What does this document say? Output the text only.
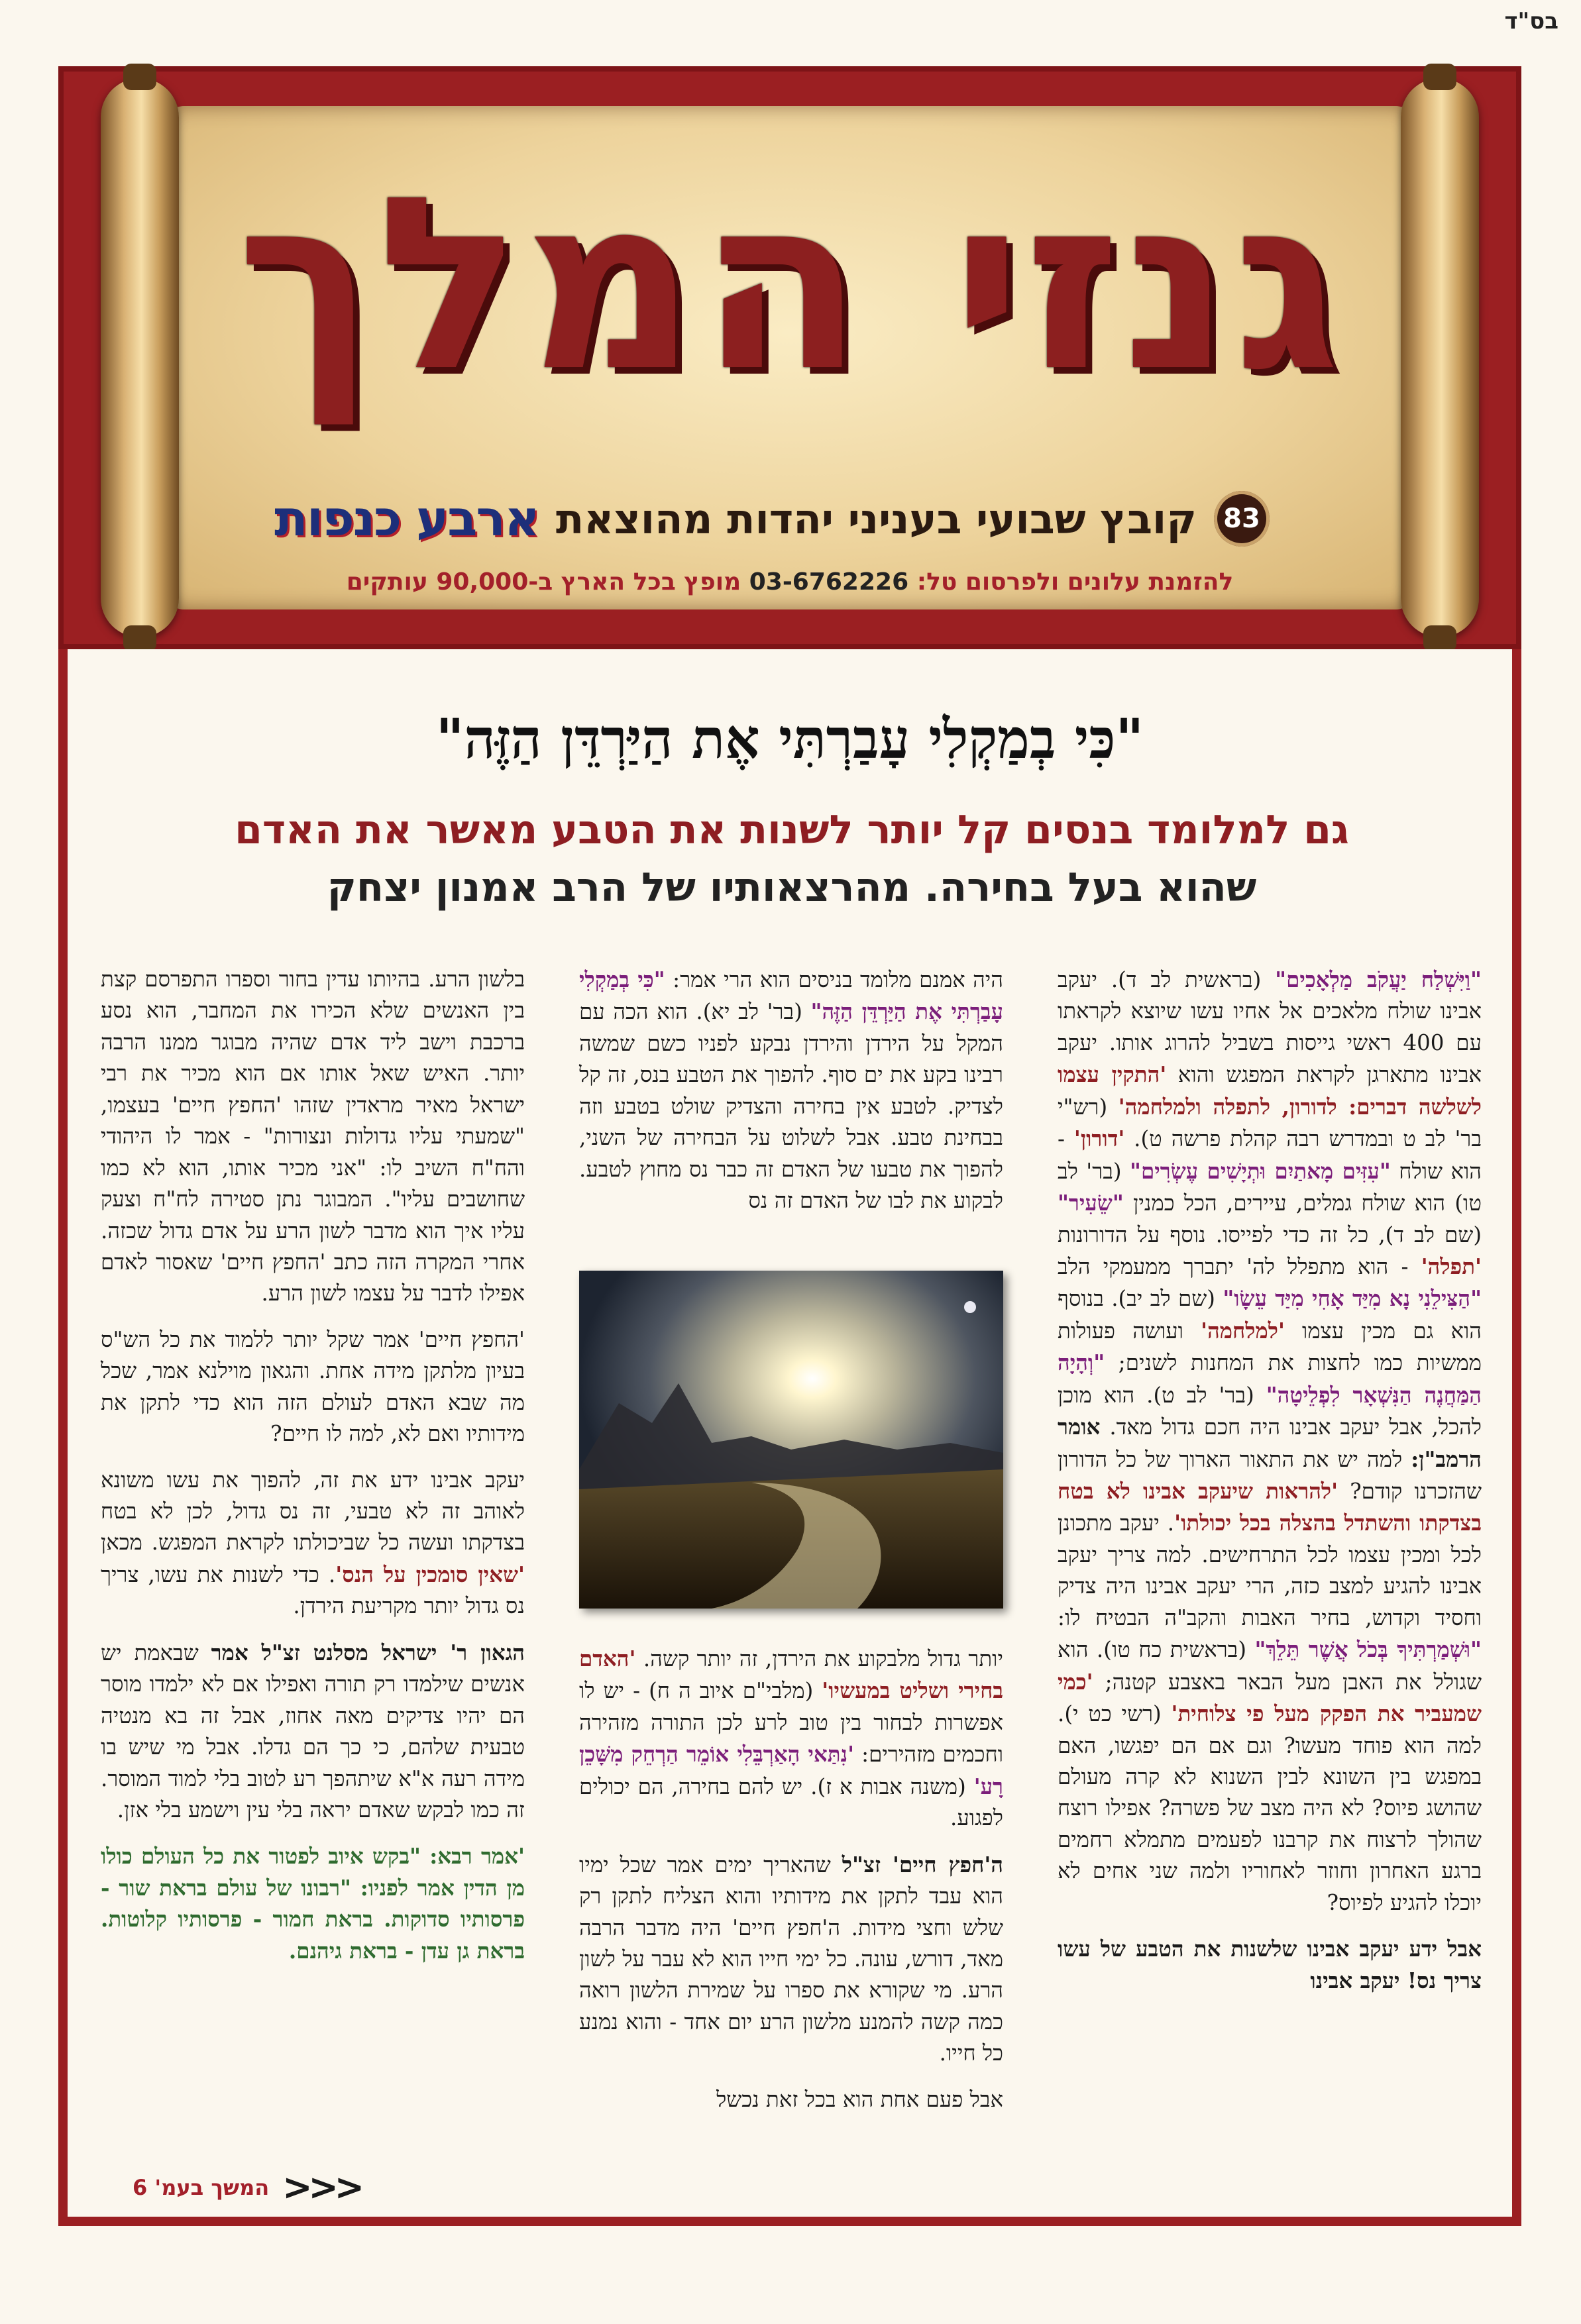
בס"ד
גנזי המלך
83
קובץ שבועי בעניני יהדות מהוצאת
ארבע כנפות
להזמנת עלונים ולפרסום טל: 03-6762226 מופץ בכל הארץ ב-90,000 עותקים
"כִּי בְמַקְלִי עָבַרְתִּי אֶת הַיַּרְדֵּן הַזֶּה"
גם למלומד בנסים קל יותר לשנות את הטבע מאשר את האדם
שהוא בעל בחירה. מהרצאותיו של הרב אמנון יצחק

"וַיִּשְׁלַח יַעֲקֹב מַלְאָכִים" (בראשית לב ד). יעקב אבינו שולח מלאכים אל אחיו עשו שיוצא לקראתו עם 400 ראשי גייסות בשביל להרוג אותו. יעקב אבינו מתארגן לקראת המפגש והוא 'התקין עצמו לשלשה דברים: לדורון, לתפלה ולמלחמה' (רש"י בר' לב ט ובמדרש רבה קהלת פרשה ט). 'דורון' - הוא שולח "עִזִּים מָאתַיִם וּתְיָשִׁים עֶשְׂרִים" (בר' לב טו) הוא שולח גמלים, עיירים, הכל כמנין "שֵׂעִיר" (שם לב ד), כל זה כדי לפייסו. נוסף על הדורונות 'תפלה' - הוא מתפלל לה' יתברך ממעמקי הלב "הַצִּילֵנִי נָא מִיַּד אָחִי מִיַּד עֵשָׂו" (שם לב יב). בנוסף הוא גם מכין עצמו 'למלחמה' ועושה פעולות ממשיות כמו לחצות את המחנות לשנים; "וְהָיָה הַמַּחֲנֶה הַנִּשְׁאָר לִפְלֵיטָה" (בר' לב ט). הוא מוכן להכל, אבל יעקב אבינו היה חכם גדול מאד. אומר הרמב"ן: למה יש את התאור הארוך של כל הדורון שהזכרנו קודם? 'להראות שיעקב אבינו לא בטח בצדקתו והשתדל בהצלה בכל יכולתו'. יעקב מתכונן לכל ומכין עצמו לכל התרחישים. למה צריך יעקב אבינו להגיע למצב כזה, הרי יעקב אבינו היה צדיק וחסיד וקדוש, בחיר האבות והקב"ה הבטיח לו: "וּשְׁמַרְתִּיךָ בְּכֹל אֲשֶׁר תֵּלֵךְ" (בראשית כח טו). הוא שגולל את האבן מעל הבאר באצבע קטנה; 'כמי שמעביר את הפקק מעל פי צלוחית' (רשי כט י). למה הוא פוחד מעשו? וגם אם הם יפגשו, האם במפגש בין השונא לבין השנוא לא קרה מעולם שהושג פיוס? לא היה מצב של פשרה? אפילו רוצח שהולך לרצוח את קרבנו לפעמים מתמלא רחמים ברגע האחרון וחוזר לאחוריו ולמה שני אחים לא יוכלו להגיע לפיוס?

אבל ידע יעקב אבינו שלשנות את הטבע של עשו צריך נס! יעקב אבינו

היה אמנם מלומד בניסים הוא הרי אמר: "כִּי בְמַקְלִי עָבַרְתִּי אֶת הַיַּרְדֵּן הַזֶּה" (בר' לב יא). הוא הכה עם המקל על הירדן והירדן נבקע לפניו כשם שמשה רבינו בקע את ים סוף. להפוך את הטבע בנס, זה קל לצדיק. לטבע אין בחירה והצדיק שולט בטבע וזה בבחינת טבע. אבל לשלוט על הבחירה של השני, להפוך את טבעו של האדם זה כבר נס מחוץ לטבע. לבקוע את לבו של האדם זה נס

יותר גדול מלבקוע את הירדן, זה יותר קשה. 'האדם בחירי ושליט במעשיו' (מלבי"ם איוב ה ח) - יש לו אפשרות לבחור בין טוב לרע לכן התורה מזהירה וחכמים מזהירים: 'נִתַּאי הָאַרְבֵּלִי אוֹמֵר הַרְחֵק מִשָּׁכֵן רָע' (משנה אבות א ז). יש להם בחירה, הם יכולים לפגוע.

ה'חפץ חיים' זצ"ל שהאריך ימים אמר שכל ימיו הוא עבד לתקן את מידותיו והוא הצליח לתקן רק שלש וחצי מידות. ה'חפץ חיים' היה מדבר הרבה מאד, דורש, עונה. כל ימי חייו הוא לא עבר על לשון הרע. מי שקורא את ספרו על שמירת הלשון רואה כמה קשה להמנע מלשון הרע יום אחד - והוא נמנע כל חייו.

אבל פעם אחת הוא בכל זאת נכשל

בלשון הרע. בהיותו עדין בחור וספרו התפרסם קצת בין האנשים שלא הכירו את המחבר, הוא נסע ברכבת וישב ליד אדם שהיה מבוגר ממנו הרבה יותר. האיש שאל אותו אם הוא מכיר את רבי ישראל מאיר מראדין שזהו 'החפץ חיים' בעצמו, "שמעתי עליו גדולות ונצורות" - אמר לו היהודי והח"ח השיב לו: "אני מכיר אותו, הוא לא כמו שחושבים עליו". המבוגר נתן סטירה לח"ח וצעק עליו איך הוא מדבר לשון הרע על אדם גדול שכזה. אחרי המקרה הזה כתב 'החפץ חיים' שאסור לאדם אפילו לדבר על עצמו לשון הרע.

'החפץ חיים' אמר שקל יותר ללמוד את כל הש"ס בעיון מלתקן מידה אחת. והגאון מוילנא אמר, שכל מה שבא האדם לעולם הזה הוא כדי לתקן את מידותיו ואם לא, למה לו חיים?

יעקב אבינו ידע את זה, להפוך את עשו משונא לאוהב זה לא טבעי, זה נס גדול, לכן לא בטח בצדקתו ועשה כל שביכולתו לקראת המפגש. מכאן 'שאין סומכין על הנס'. כדי לשנות את עשו, צריך נס גדול יותר מקריעת הירדן.

הגאון ר' ישראל מסלנט זצ"ל אמר שבאמת יש אנשים שילמדו רק תורה ואפילו אם לא ילמדו מוסר הם יהיו צדיקים מאה אחוז, אבל זה בא מנטיה טבעית שלהם, כי כך הם גדלו. אבל מי שיש בו מידה רעה א"א שיתהפך רע לטוב בלי למוד המוסר. זה כמו לבקש שאדם יראה בלי עין וישמע בלי אזן.

'אמר רבא: "בקש איוב לפטור את כל העולם כולו מן הדין אמר לפניו: "רבונו של עולם בראת שור - פרסותיו סדוקות. בראת חמור - פרסותיו קלוטות. בראת גן עדן - בראת גיהנם.

המשך בעמ' 6 <<<
